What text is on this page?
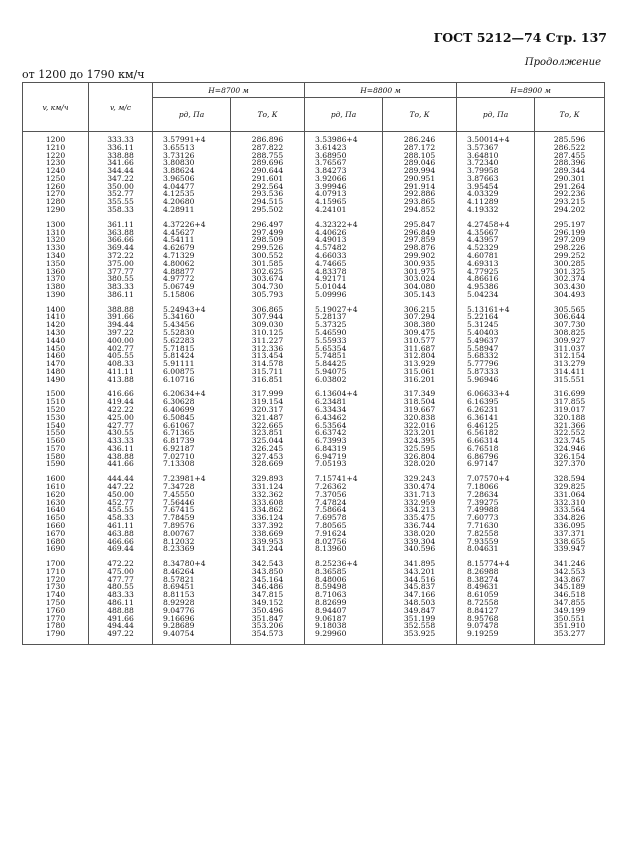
ГОСТ 5212—74 Стр. 137
Продолжение
от 1200 до 1790 км/ч
v, км/ч	v, м/с	H=8700 м		H=8800 м		H=8900 м	
		pд, Па	Tо, К	pд, Па	Tо, К	pд, Па	Tо, К
1200	333.33	3.57991+4	286.896	3.53986+4	286.246	3.50014+4	285.596
1210	336.11	3.65513	287.822	3.61423	287.172	3.57367	286.522
1220	338.88	3.73126	288.755	3.68950	288.105	3.64810	287.455
1230	341.66	3.80830	289.696	3.76567	289.046	3.72340	288.396
1240	344.44	3.88624	290.644	3.84273	289.994	3.79958	289.344
1250	347.22	3.96506	291.601	3.92066	290.951	3.87663	290.301
1260	350.00	4.04477	292.564	3.99946	291.914	3.95454	291.264
1270	352.77	4.12535	293.536	4.07913	292.886	4.03329	292.236
1280	355.55	4.20680	294.515	4.15965	293.865	4.11289	293.215
1290	358.33	4.28911	295.502	4.24101	294.852	4.19332	294.202

1300	361.11	4.37226+4	296.497	4.32322+4	295.847	4.27458+4	295.197
1310	363.88	4.45627	297.499	4.40626	296.849	4.35667	296.199
1320	366.66	4.54111	298.509	4.49013	297.859	4.43957	297.209
1330	369.44	4.62679	299.526	4.57482	298.876	4.52329	298.226
1340	372.22	4.71329	300.552	4.66033	299.902	4.60781	299.252
1350	375.00	4.80062	301.585	4.74665	300.935	4.69313	300.285
1360	377.77	4.88877	302.625	4.83378	301.975	4.77925	301.325
1370	380.55	4.97772	303.674	4.92171	303.024	4.86616	302.374
1380	383.33	5.06749	304.730	5.01044	304.080	4.95386	303.430
1390	386.11	5.15806	305.793	5.09996	305.143	5.04234	304.493

1400	388.88	5.24943+4	306.865	5.19027+4	306.215	5.13161+4	305.565
1410	391.66	5.34160	307.944	5.28137	307.294	5.22164	306.644
1420	394.44	5.43456	309.030	5.37325	308.380	5.31245	307.730
1430	397.22	5.52830	310.125	5.46590	309.475	5.40403	308.825
1440	400.00	5.62283	311.227	5.55933	310.577	5.49637	309.927
1450	402.77	5.71815	312.336	5.65354	311.687	5.58947	311.037
1460	405.55	5.81424	313.454	5.74851	312.804	5.68332	312.154
1470	408.33	5.91111	314.578	5.84425	313.929	5.77796	313.279
1480	411.11	6.00875	315.711	5.94075	315.061	5.87333	314.411
1490	413.88	6.10716	316.851	6.03802	316.201	5.96946	315.551

1500	416.66	6.20634+4	317.999	6.13604+4	317.349	6.06633+4	316.699
1510	419.44	6.30628	319.154	6.23481	318.504	6.16395	317.855
1520	422.22	6.40699	320.317	6.33434	319.667	6.26231	319.017
1530	425.00	6.50845	321.487	6.43462	320.838	6.36141	320.188
1540	427.77	6.61067	322.665	6.53564	322.016	6.46125	321.366
1550	430.55	6.71365	323.851	6.63742	323.201	6.56182	322.552
1560	433.33	6.81739	325.044	6.73993	324.395	6.66314	323.745
1570	436.11	6.92187	326.245	6.84319	325.595	6.76518	324.946
1580	438.88	7.02710	327.453	6.94719	326.804	6.86796	326.154
1590	441.66	7.13308	328.669	7.05193	328.020	6.97147	327.370

1600	444.44	7.23981+4	329.893	7.15741+4	329.243	7.07570+4	328.594
1610	447.22	7.34728	331.124	7.26362	330.474	7.18066	329.825
1620	450.00	7.45550	332.362	7.37056	331.713	7.28634	331.064
1630	452.77	7.56446	333.608	7.47824	332.959	7.39275	332.310
1640	455.55	7.67415	334.862	7.58664	334.213	7.49988	333.564
1650	458.33	7.78459	336.124	7.69578	335.475	7.60773	334.826
1660	461.11	7.89576	337.392	7.80565	336.744	7.71630	336.095
1670	463.88	8.00767	338.669	7.91624	338.020	7.82558	337.371
1680	466.66	8.12032	339.953	8.02756	339.304	7.93559	338.655
1690	469.44	8.23369	341.244	8.13960	340.596	8.04631	339.947

1700	472.22	8.34780+4	342.543	8.25236+4	341.895	8.15774+4	341.246
1710	475.00	8.46264	343.850	8.36585	343.201	8.26988	342.553
1720	477.77	8.57821	345.164	8.48006	344.516	8.38274	343.867
1730	480.55	8.69451	346.486	8.59498	345.837	8.49631	345.189
1740	483.33	8.81153	347.815	8.71063	347.166	8.61059	346.518
1750	486.11	8.92928	349.152	8.82699	348.503	8.72558	347.855
1760	488.88	9.04776	350.496	8.94407	349.847	8.84127	349.199
1770	491.66	9.16696	351.847	9.06187	351.199	8.95768	350.551
1780	494.44	9.28689	353.206	9.18038	352.558	9.07478	351.910
1790	497.22	9.40754	354.573	9.29960	353.925	9.19259	353.277
